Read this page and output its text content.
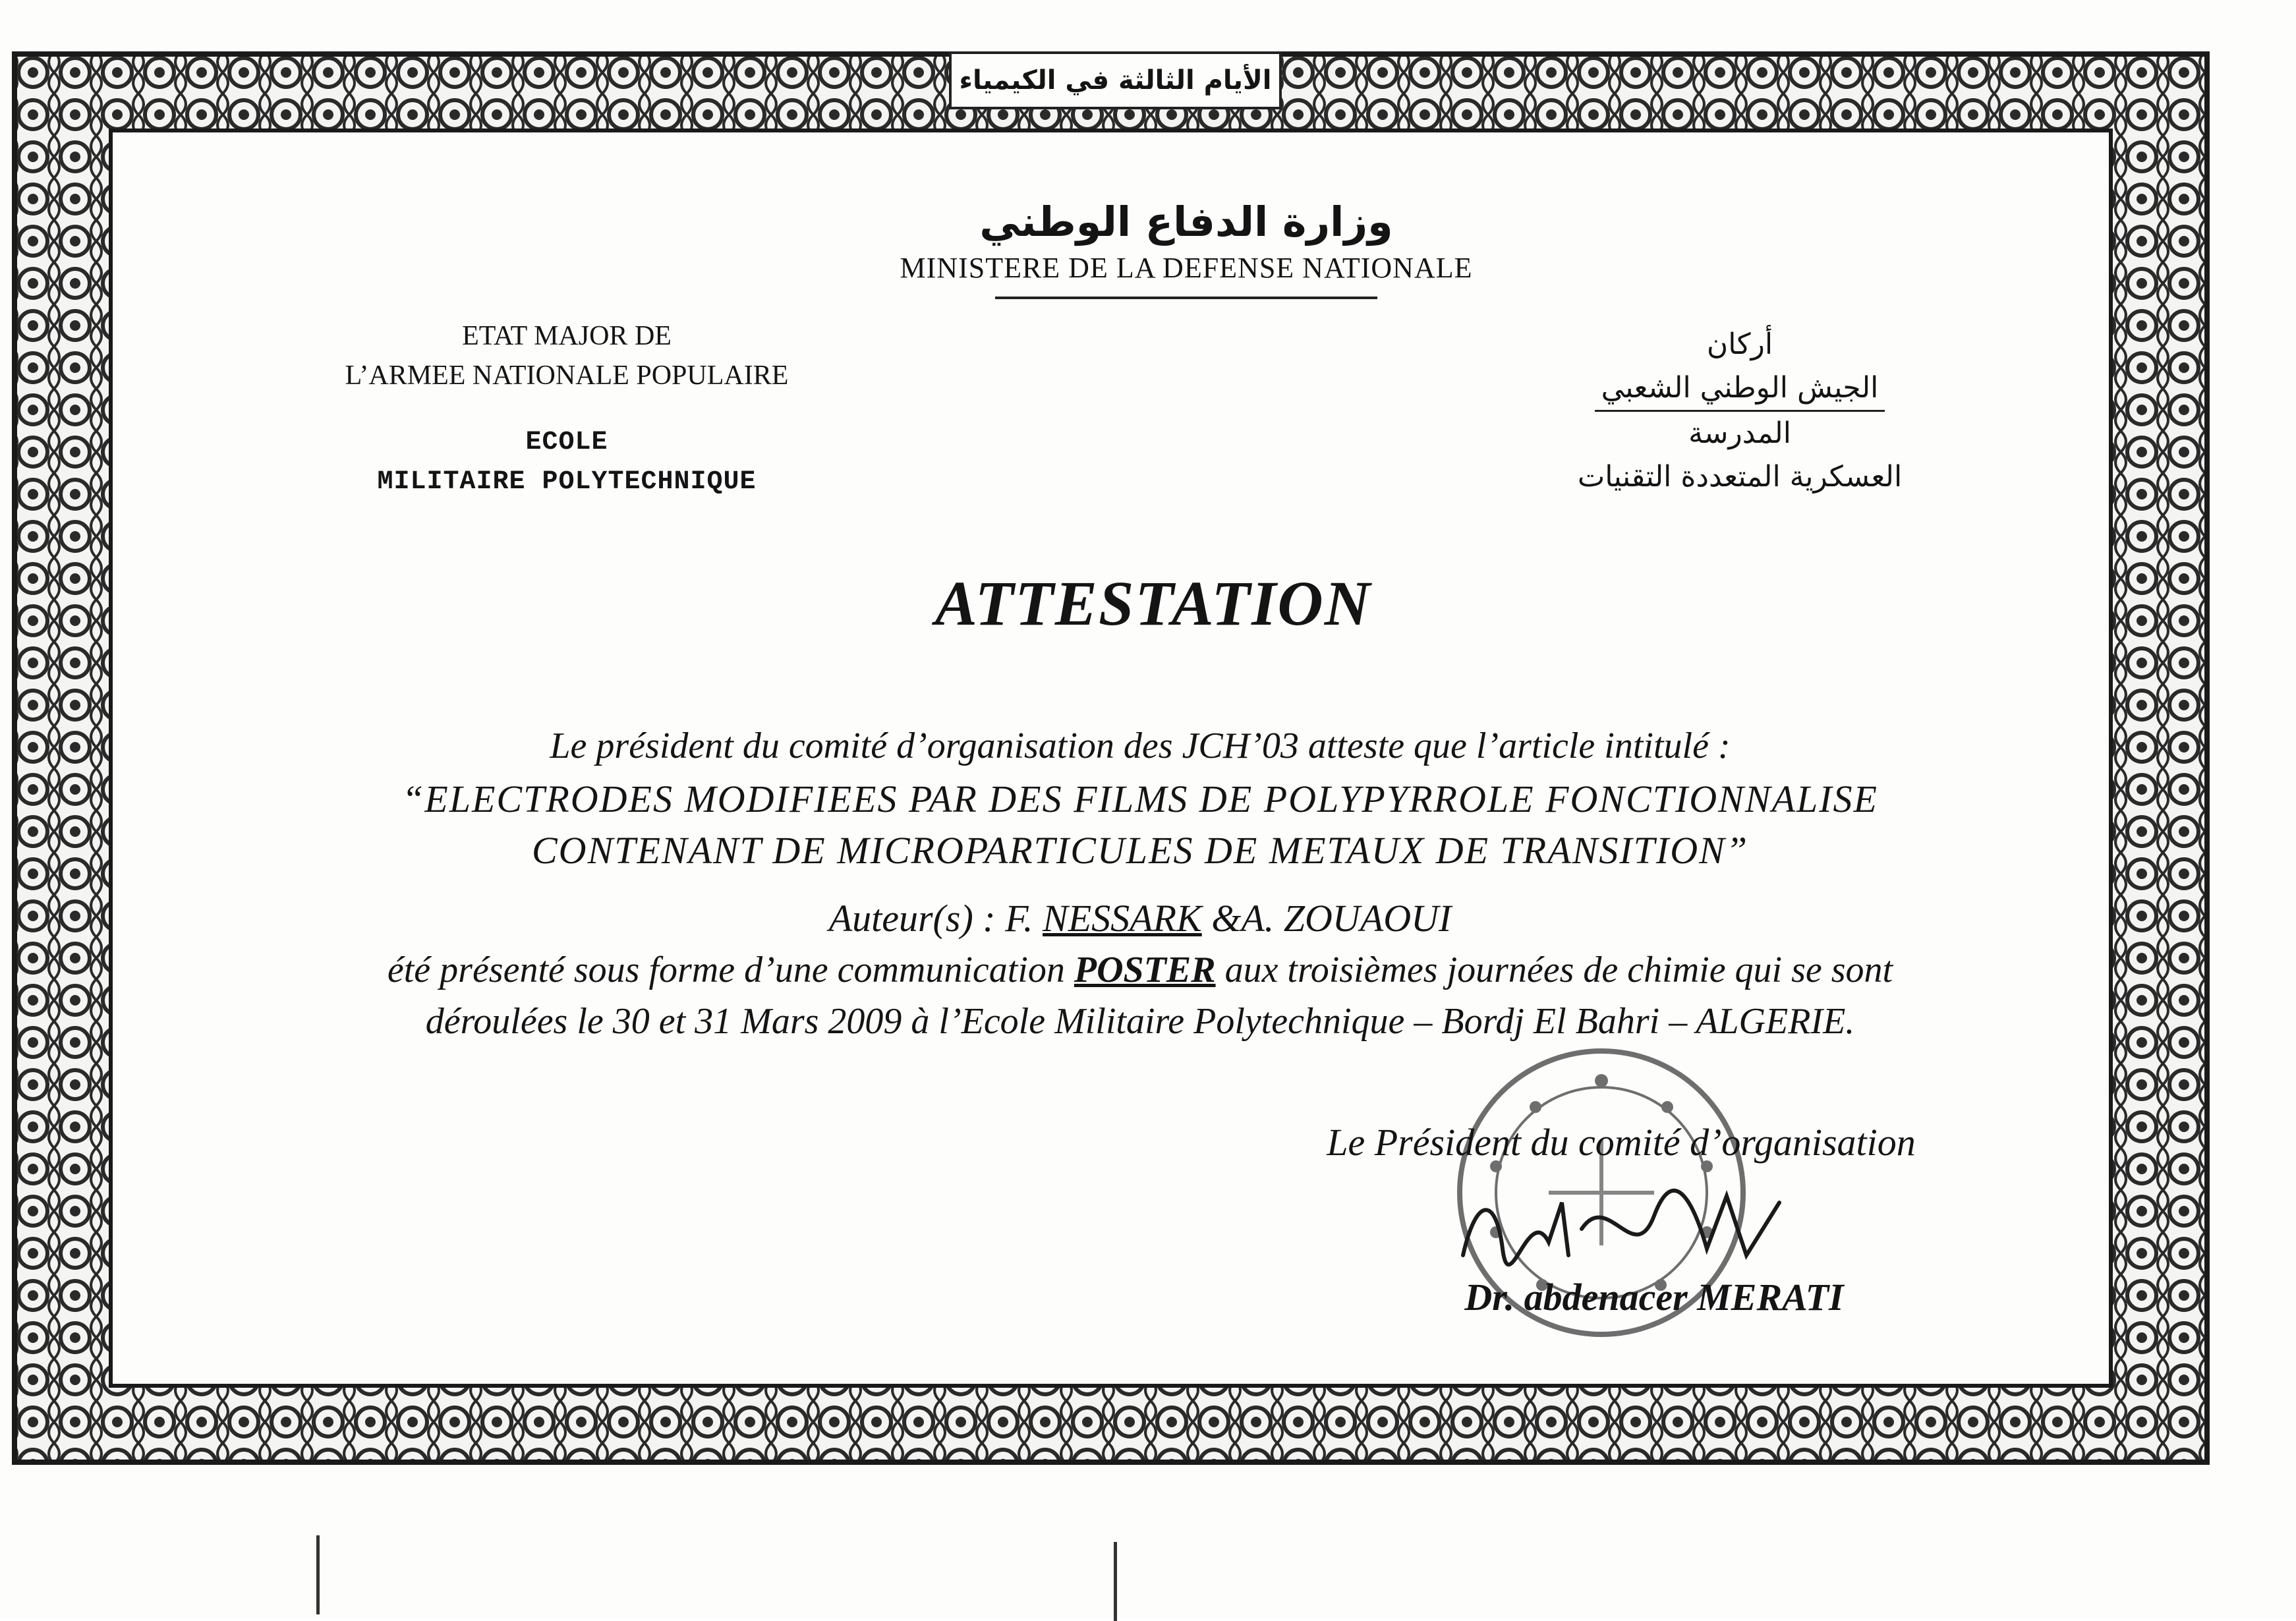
الأيام الثالثة في الكيمياء
وزارة الدفاع الوطني
MINISTERE DE LA DEFENSE NATIONALE
ETAT MAJOR DE
L’ARMEE NATIONALE POPULAIRE
ECOLE
MILITAIRE POLYTECHNIQUE
أركان
الجيش الوطني الشعبي
المدرسة
العسكرية المتعددة التقنيات
ATTESTATION
Le président du comité d’organisation des JCH’03 atteste que l’article intitulé :
“ELECTRODES MODIFIEES PAR DES FILMS DE POLYPYRROLE FONCTIONNALISE
CONTENANT DE MICROPARTICULES DE METAUX DE TRANSITION”
Auteur(s) : F. NESSARK &A. ZOUAOUI
été présenté sous forme d’une communication POSTER aux troisièmes journées de chimie qui se sont
déroulées le 30 et 31 Mars 2009 à l’Ecole Militaire Polytechnique – Bordj El Bahri – ALGERIE.
Le Président du comité d’organisation
Dr. abdenacer MERATI
